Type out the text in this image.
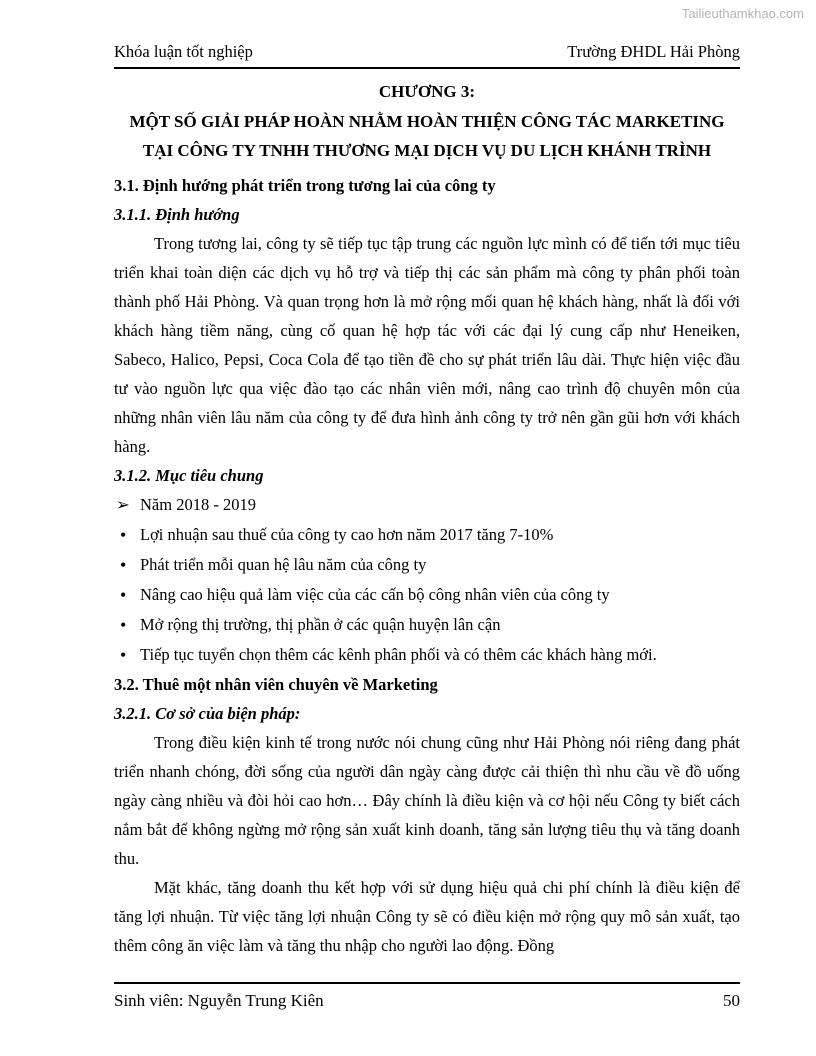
Tailieuthamkhao.com
Khóa luận tốt nghiệp	Trường ĐHDL Hải Phòng
CHƯƠNG 3:
MỘT SỐ GIẢI PHÁP HOÀN NHẰM HOÀN THIỆN CÔNG TÁC MARKETING TẠI CÔNG TY TNHH THƯƠNG MẠI DỊCH VỤ DU LỊCH KHÁNH TRÌNH
3.1. Định hướng phát triển trong tương lai của công ty
3.1.1. Định hướng
Trong tương lai, công ty sẽ tiếp tục tập trung các nguồn lực mình có để tiến tới mục tiêu triển khai toàn diện các dịch vụ hỗ trợ và tiếp thị các sản phẩm mà công ty phân phối toàn thành phố Hải Phòng. Và quan trọng hơn là mở rộng mối quan hệ khách hàng, nhất là đối với khách hàng tiềm năng, cùng cố quan hệ hợp tác với các đại lý cung cấp như Heneiken, Sabeco, Halico, Pepsi, Coca Cola để tạo tiền đề cho sự phát triển lâu dài. Thực hiện việc đầu tư vào nguồn lực qua việc đào tạo các nhân viên mới, nâng cao trình độ chuyên môn của những nhân viên lâu năm của công ty để đưa hình ảnh công ty trở nên gần gũi hơn với khách hàng.
3.1.2. Mục tiêu chung
➢ Năm 2018 - 2019
• Lợi nhuận sau thuế của công ty cao hơn năm 2017 tăng 7-10%
• Phát triển mỗi quan hệ lâu năm của công ty
• Nâng cao hiệu quả làm việc của các cấn bộ công nhân viên của công ty
• Mở rộng thị trường, thị phần ở các quận huyện lân cận
• Tiếp tục tuyển chọn thêm các kênh phân phối và có thêm các khách hàng mới.
3.2. Thuê một nhân viên chuyên về Marketing
3.2.1. Cơ sở của biện pháp:
Trong điều kiện kinh tế trong nước nói chung cũng như Hải Phòng nói riêng đang phát triển nhanh chóng, đời sống của người dân ngày càng được cải thiện thì nhu cầu về đồ uống ngày càng nhiều và đòi hỏi cao hơn… Đây chính là điều kiện và cơ hội nếu Công ty biết cách nắm bắt để không ngừng mở rộng sản xuất kinh doanh, tăng sản lượng tiêu thụ và tăng doanh thu.
Mặt khác, tăng doanh thu kết hợp với sử dụng hiệu quả chi phí chính là điều kiện để tăng lợi nhuận. Từ việc tăng lợi nhuận Công ty sẽ có điều kiện mở rộng quy mô sản xuất, tạo thêm công ăn việc làm và tăng thu nhập cho người lao động. Đồng
Sinh viên: Nguyễn Trung Kiên	50
